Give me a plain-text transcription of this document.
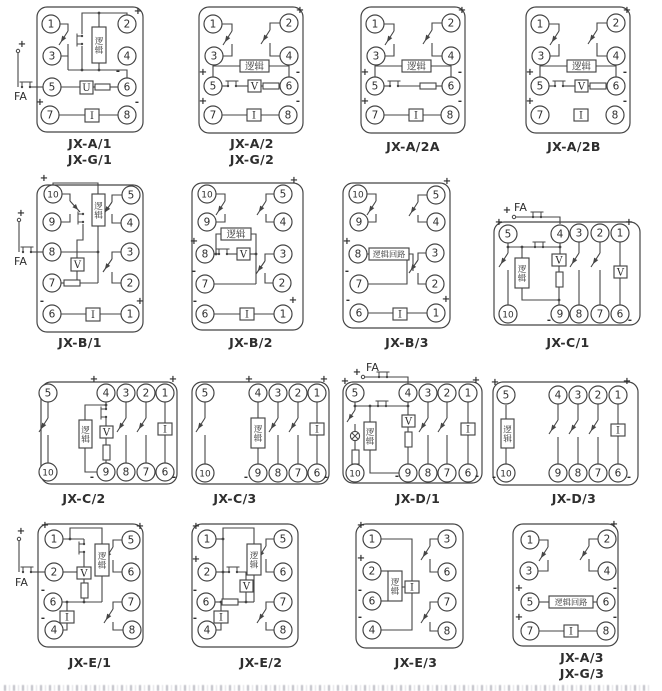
逻辑
U
I
1
3
5
7
2
4
6
8
+
-
+	-
+
FA
JX-A/1
JX-G/1
逻辑
V
I
1
3
2
4
5	6
7	8
+
+	-
+	-
JX-A/2
JX-G/2
逻辑
I
1
3
2
4
5	6
7	8
+
+	-
+	-
JX-A/2A
逻辑
V
I
1
3
2
4
5	6
7	8
+
+	-
+	-
JX-A/2B
逻辑
V
I
10
9
8
7
6
5
4
3
2
1
+
-	+
+
FA
JX-B/1
逻辑
V
I
10
9
8
7
6
5
4
3
2
1
+
+
-
-	+
JX-B/2
逻辑回路
I
10
9
8
7
6
5
4
3
2
1
+
+
-
-	+
JX-B/3
逻辑
V
V
5	4 3 2 1
10	9 8 7 6
+
+	+
-	-
FA
JX-C/1
逻辑
V	I
5	4 3 2 1
10	9 8 7 6
+	+
-	-
JX-C/2
逻辑
I
5	4 3 2 1
10	9 8 7 6
+	+
-	-
JX-C/3
逻辑
V
I
5	4 3 2 1
10	9 8 7 6
+
+	+
-	-
FA
JX-D/1
逻辑
I
5	4 3 2 1
10	9 8 7 6
+	+
-	-
JX-D/3
逻辑
V
I
1
2
6
4
5
6
7
8
+	+
-
-
+
FA
JX-E/1
逻辑
V
I
1
2
6
4
5
6
7
8
+
+
-
-
JX-E/2
逻辑 I
1
2
6
4
3
6
7
8
+
+
-
-
JX-E/3
逻辑回路
I
1
3
2
4
5	6
7	8
+
-
+
+	-
JX-A/3
JX-G/3
